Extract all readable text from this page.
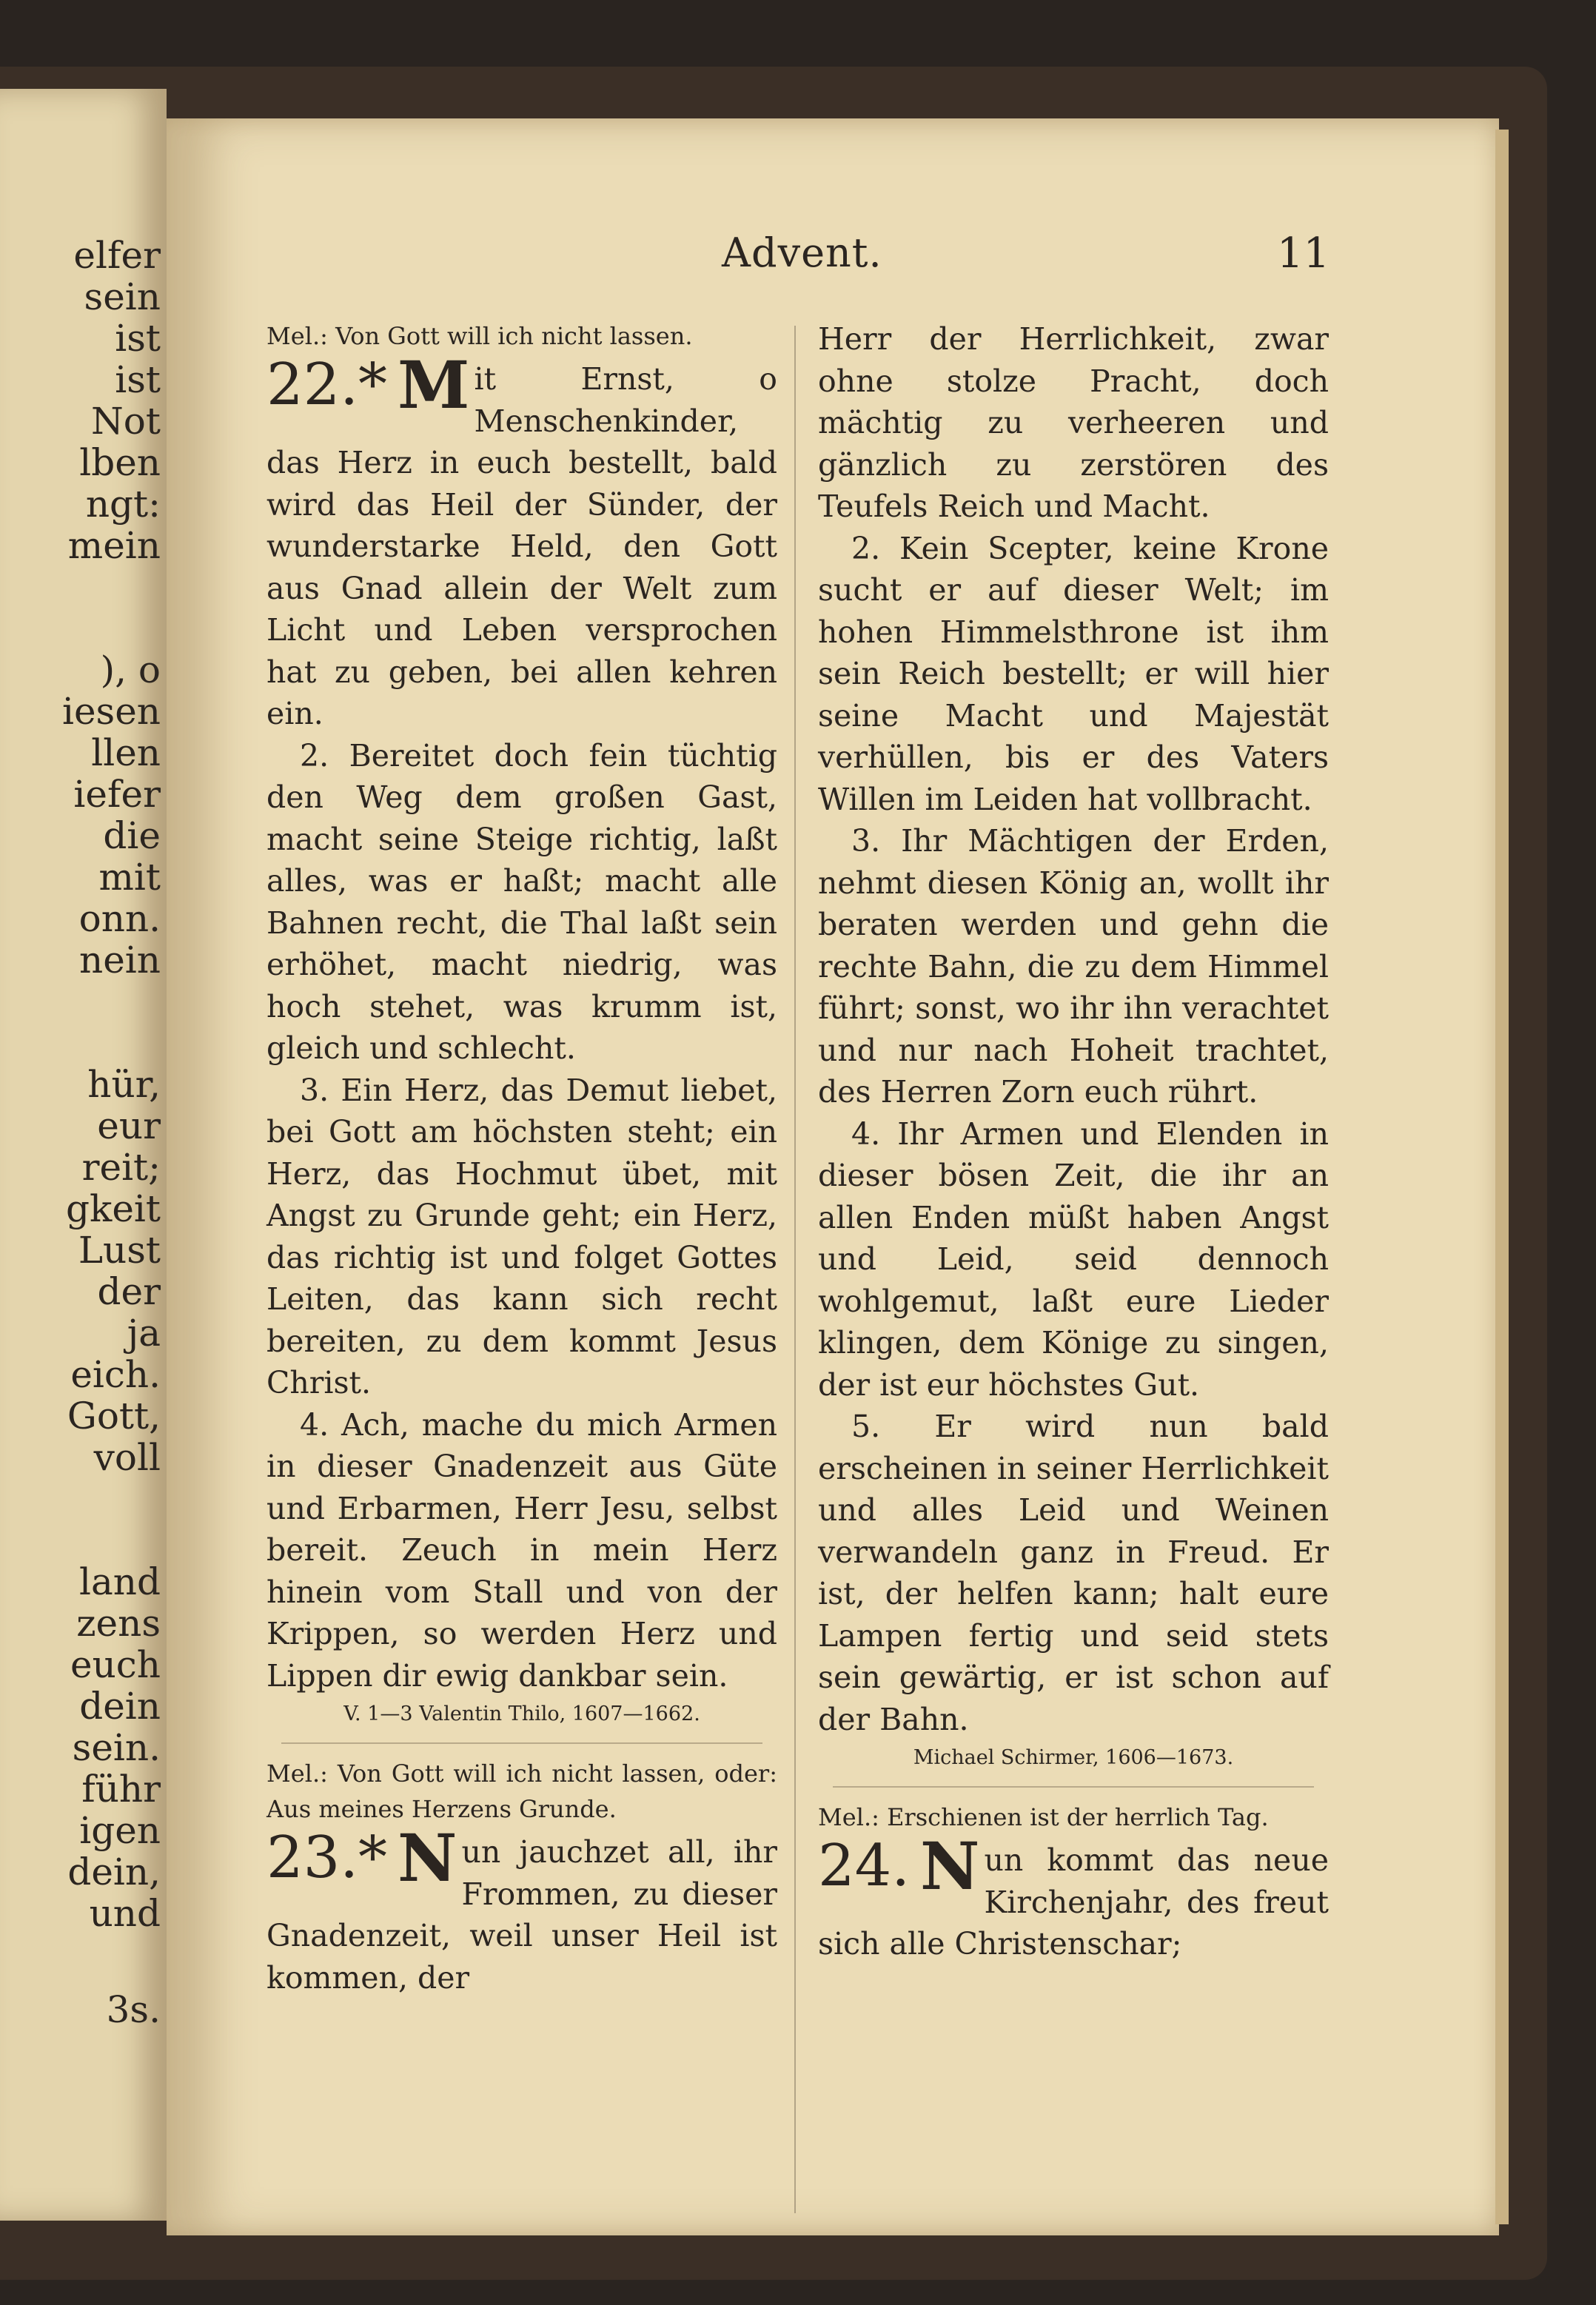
elfer
sein
ist
ist
Not
lben
ngt:
mein
), o
iesen
llen
iefer
die
mit
onn.
nein
hür,
eur
reit;
gkeit
Lust
der
ja
eich.
Gott,
voll
land
zens
euch
dein
sein.
führ
igen
dein,
und
3s.
Advent.	11
Mel.: Von Gott will ich nicht lassen.
22.* M it Ernst, o Menschenkinder, das Herz in euch bestellt, bald wird das Heil der Sünder, der wunderstarke Held, den Gott aus Gnad allein der Welt zum Licht und Leben versprochen hat zu geben, bei allen kehren ein.

2. Bereitet doch fein tüchtig den Weg dem großen Gast, macht seine Steige richtig, laßt alles, was er haßt; macht alle Bahnen recht, die Thal laßt sein erhöhet, macht niedrig, was hoch stehet, was krumm ist, gleich und schlecht.

3. Ein Herz, das Demut liebet, bei Gott am höchsten steht; ein Herz, das Hochmut übet, mit Angst zu Grunde geht; ein Herz, das richtig ist und folget Gottes Leiten, das kann sich recht bereiten, zu dem kommt Jesus Christ.

4. Ach, mache du mich Armen in dieser Gnadenzeit aus Güte und Erbarmen, Herr Jesu, selbst bereit. Zeuch in mein Herz hinein vom Stall und von der Krippen, so werden Herz und Lippen dir ewig dankbar sein.

V. 1—3 Valentin Thilo, 1607—1662.
Mel.: Von Gott will ich nicht lassen, oder: Aus meines Herzens Grunde.
23.* N un jauchzet all, ihr Frommen, zu dieser Gnadenzeit, weil unser Heil ist kommen, der

Herr der Herrlichkeit, zwar ohne stolze Pracht, doch mächtig zu verheeren und gänzlich zu zerstören des Teufels Reich und Macht.

2. Kein Scepter, keine Krone sucht er auf dieser Welt; im hohen Himmelsthrone ist ihm sein Reich bestellt; er will hier seine Macht und Majestät verhüllen, bis er des Vaters Willen im Leiden hat vollbracht.

3. Ihr Mächtigen der Erden, nehmt diesen König an, wollt ihr beraten werden und gehn die rechte Bahn, die zu dem Himmel führt; sonst, wo ihr ihn verachtet und nur nach Hoheit trachtet, des Herren Zorn euch rührt.

4. Ihr Armen und Elenden in dieser bösen Zeit, die ihr an allen Enden müßt haben Angst und Leid, seid dennoch wohlgemut, laßt eure Lieder klingen, dem Könige zu singen, der ist eur höchstes Gut.

5. Er wird nun bald erscheinen in seiner Herrlichkeit und alles Leid und Weinen verwandeln ganz in Freud. Er ist, der helfen kann; halt eure Lampen fertig und seid stets sein gewärtig, er ist schon auf der Bahn.

Michael Schirmer, 1606—1673.
Mel.: Erschienen ist der herrlich Tag.
24. N un kommt das neue Kirchenjahr, des freut sich alle Christenschar;
